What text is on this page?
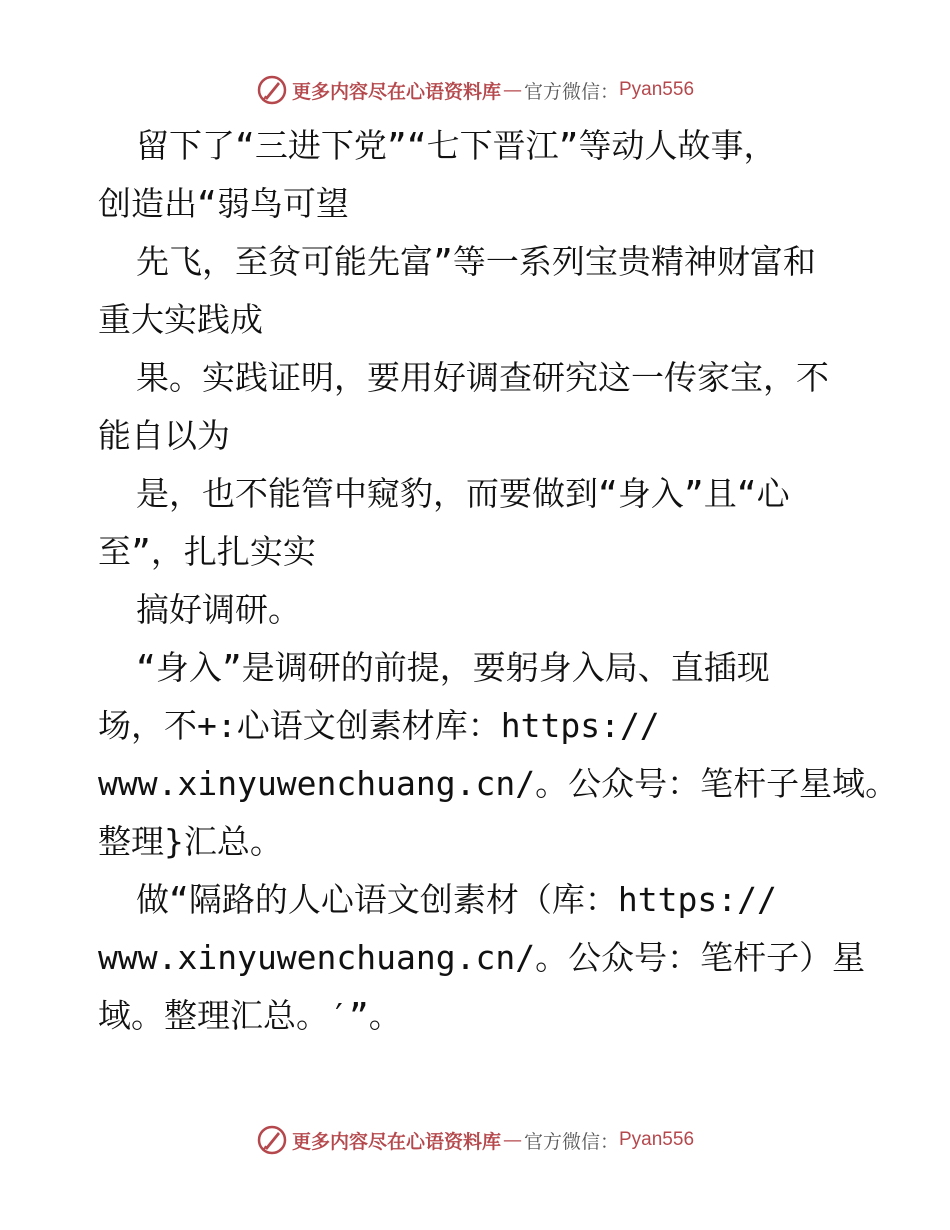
更多内容尽在心语资料库 — 官方微信： Pyan556
留下了“三进下党”“七下晋江”等动人故事，
创造出“弱鸟可望
先飞，至贫可能先富”等一系列宝贵精神财富和
重大实践成
果。实践证明，要用好调查研究这一传家宝，不
能自以为
是，也不能管中窥豹，而要做到“身入”且“心
至”，扎扎实实
搞好调研。
“身入”是调研的前提，要躬身入局、直插现
场，不+:心语文创素材库：https://
www.xinyuwenchuang.cn/。公众号：笔杆子星域。
整理}汇总。
做“隔路的人心语文创素材（库：https://
www.xinyuwenchuang.cn/。公众号：笔杆子）星
域。整理汇总。′”。
更多内容尽在心语资料库 — 官方微信： Pyan556
